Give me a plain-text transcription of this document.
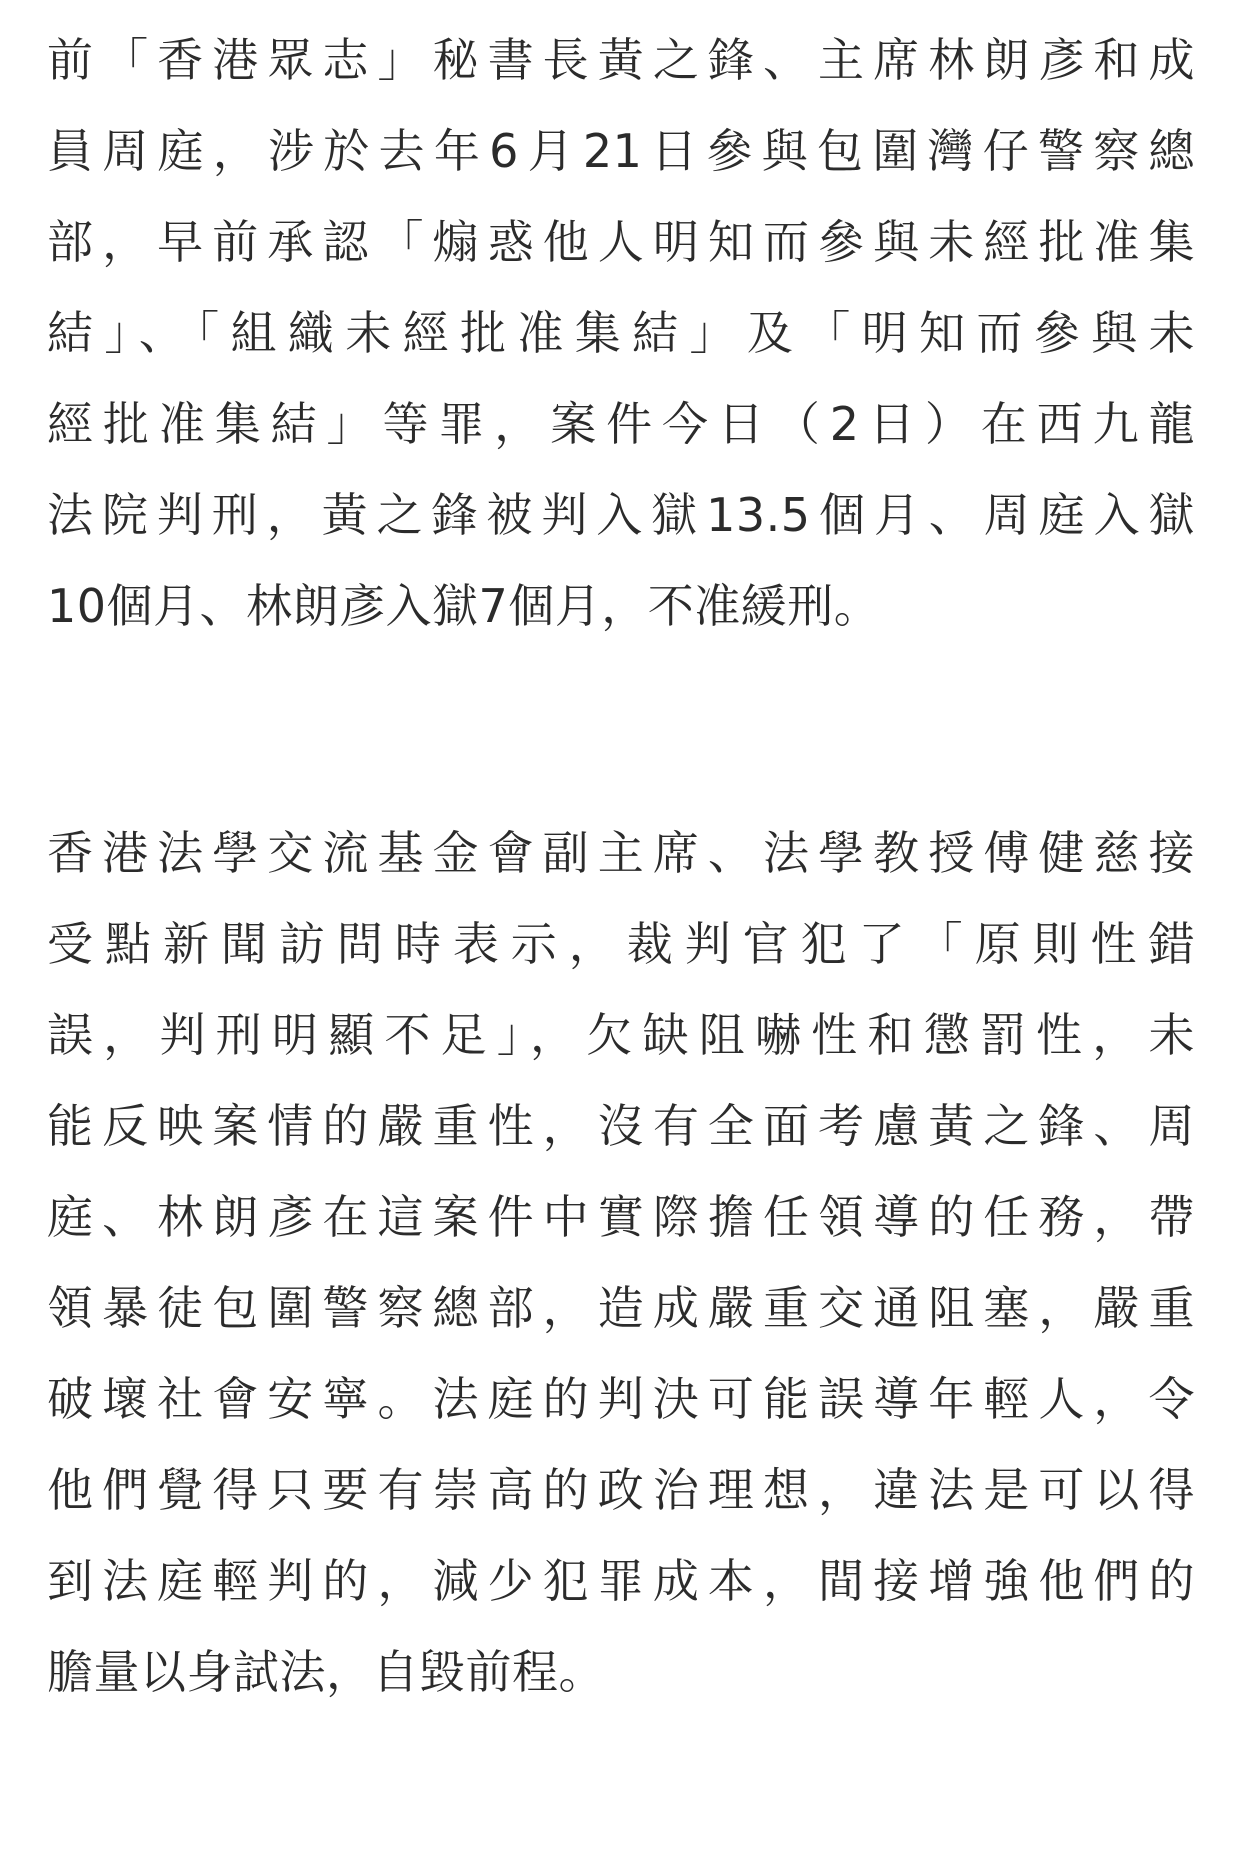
前「香港眾志」秘書長黃之鋒、主席林朗彥和成
員周庭，涉於去年6月21日參與包圍灣仔警察總
部，早前承認「煽惑他人明知而參與未經批准集
結」、「組織未經批准集結」及「明知而參與未
經批准集結」等罪，案件今日（2日）在西九龍
法院判刑，黃之鋒被判入獄13.5個月、周庭入獄
10個月、林朗彥入獄7個月，不准緩刑。
香港法學交流基金會副主席、法學教授傅健慈接
受點新聞訪問時表示，裁判官犯了「原則性錯
誤，判刑明顯不足」，欠缺阻嚇性和懲罰性，未
能反映案情的嚴重性，沒有全面考慮黃之鋒、周
庭、林朗彥在這案件中實際擔任領導的任務，帶
領暴徒包圍警察總部，造成嚴重交通阻塞，嚴重
破壞社會安寧。法庭的判決可能誤導年輕人，令
他們覺得只要有崇高的政治理想，違法是可以得
到法庭輕判的，減少犯罪成本，間接增強他們的
膽量以身試法，自毀前程。
